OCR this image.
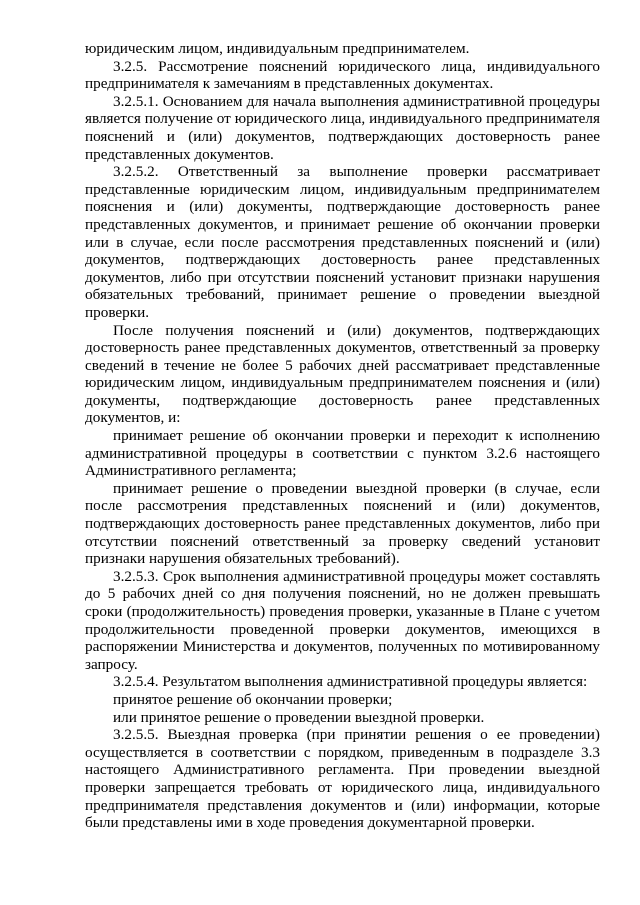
юридическим лицом, индивидуальным предпринимателем.

3.2.5. Рассмотрение пояснений юридического лица, индивидуального предпринимателя к замечаниям в представленных документах.

3.2.5.1. Основанием для начала выполнения административной процедуры является получение от юридического лица, индивидуального предпринимателя пояснений и (или) документов, подтверждающих достоверность ранее представленных документов.

3.2.5.2. Ответственный за выполнение проверки рассматривает представленные юридическим лицом, индивидуальным предпринимателем пояснения и (или) документы, подтверждающие достоверность ранее представленных документов, и принимает решение об окончании проверки или в случае, если после рассмотрения представленных пояснений и (или) документов, подтверждающих достоверность ранее представленных документов, либо при отсутствии пояснений установит признаки нарушения обязательных требований, принимает решение о проведении выездной проверки.

После получения пояснений и (или) документов, подтверждающих достоверность ранее представленных документов, ответственный за проверку сведений в течение не более 5 рабочих дней рассматривает представленные юридическим лицом, индивидуальным предпринимателем пояснения и (или) документы, подтверждающие достоверность ранее представленных документов, и:

принимает решение об окончании проверки и переходит к исполнению административной процедуры в соответствии с пунктом 3.2.6 настоящего Административного регламента;

принимает решение о проведении выездной проверки (в случае, если после рассмотрения представленных пояснений и (или) документов, подтверждающих достоверность ранее представленных документов, либо при отсутствии пояснений ответственный за проверку сведений установит признаки нарушения обязательных требований).

3.2.5.3. Срок выполнения административной процедуры может составлять до 5 рабочих дней со дня получения пояснений, но не должен превышать сроки (продолжительность) проведения проверки, указанные в Плане с учетом продолжительности проведенной проверки документов, имеющихся в распоряжении Министерства и документов, полученных по мотивированному запросу.

3.2.5.4. Результатом выполнения административной процедуры является:

принятое решение об окончании проверки;

или принятое решение о проведении выездной проверки.

3.2.5.5. Выездная проверка (при принятии решения о ее проведении) осуществляется в соответствии с порядком, приведенным в подразделе 3.3 настоящего Административного регламента. При проведении выездной проверки запрещается требовать от юридического лица, индивидуального предпринимателя представления документов и (или) информации, которые были представлены ими в ходе проведения документарной проверки.
